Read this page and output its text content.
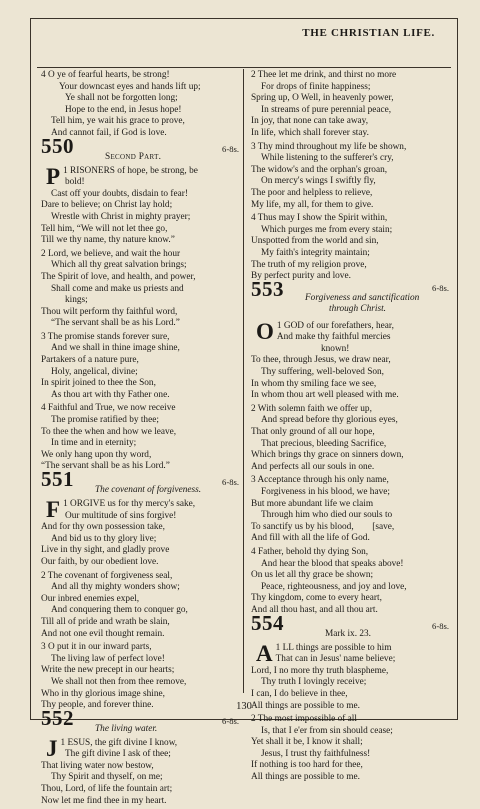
THE CHRISTIAN LIFE.
4 O ye of fearful hearts, be strong!
Your downcast eyes and hands lift up;
Ye shall not be forgotten long;
Hope to the end, in Jesus hope!
Tell him, ye wait his grace to prove,
And cannot fail, if God is love.
550	Second Part.
6-8s.
P 1 RISONERS of hope, be strong, be
bold!
Cast off your doubts, disdain to fear!
Dare to believe; on Christ lay hold;
Wrestle with Christ in mighty prayer;
Tell him, “We will not let thee go,
Till we thy name, thy nature know.”
2 Lord, we believe, and wait the hour
Which all thy great salvation brings;
The Spirit of love, and health, and power,
Shall come and make us priests and
kings;
Thou wilt perform thy faithful word,
“The servant shall be as his Lord.”
3 The promise stands forever sure,
And we shall in thine image shine,
Partakers of a nature pure,
Holy, angelical, divine;
In spirit joined to thee the Son,
As thou art with thy Father one.
4 Faithful and True, we now receive
The promise ratified by thee;
To thee the when and how we leave,
In time and in eternity;
We only hang upon thy word,
“The servant shall be as his Lord.”
551 The covenant of forgiveness.
6-8s.
F 1 ORGIVE us for thy mercy's sake,
Our multitude of sins forgive!
And for thy own possession take,
And bid us to thy glory live;
Live in thy sight, and gladly prove
Our faith, by our obedient love.
2 The covenant of forgiveness seal,
And all thy mighty wonders show;
Our inbred enemies expel,
And conquering them to conquer go,
Till all of pride and wrath be slain,
And not one evil thought remain.
3 O put it in our inward parts,
The living law of perfect love!
Write the new precept in our hearts;
We shall not then from thee remove,
Who in thy glorious image shine,
Thy people, and forever thine.
552 The living water.
6-8s.
J 1 ESUS, the gift divine I know,
The gift divine I ask of thee;
That living water now bestow,
Thy Spirit and thyself, on me;
Thou, Lord, of life the fountain art;
Now let me find thee in my heart.
2 Thee let me drink, and thirst no more
For drops of finite happiness;
Spring up, O Well, in heavenly power,
In streams of pure perennial peace,
In joy, that none can take away,
In life, which shall forever stay.
3 Thy mind throughout my life be shown,
While listening to the sufferer's cry,
The widow's and the orphan's groan,
On mercy's wings I swiftly fly,
The poor and helpless to relieve,
My life, my all, for them to give.
4 Thus may I show the Spirit within,
Which purges me from every stain;
Unspotted from the world and sin,
My faith's integrity maintain;
The truth of my religion prove,
By perfect purity and love.
553 Forgiveness and sanctification
through Christ.
6-8s.
O 1 GOD of our forefathers, hear,
And make thy faithful mercies
known!
To thee, through Jesus, we draw near,
Thy suffering, well-beloved Son,
In whom thy smiling face we see,
In whom thou art well pleased with me.
2 With solemn faith we offer up,
And spread before thy glorious eyes,
That only ground of all our hope,
That precious, bleeding Sacrifice,
Which brings thy grace on sinners down,
And perfects all our souls in one.
3 Acceptance through his only name,
Forgiveness in his blood, we have;
But more abundant life we claim
Through him who died our souls to
To sanctify us by his blood,        [save,
And fill with all the life of God.
4 Father, behold thy dying Son,
And hear the blood that speaks above!
On us let all thy grace be shown;
Peace, righteousness, and joy and love,
Thy kingdom, come to every heart,
And all thou hast, and all thou art.
554	Mark ix. 23.
6-8s.
A 1 LL things are possible to him
That can in Jesus' name believe;
Lord, I no more thy truth blaspheme,
Thy truth I lovingly receive;
I can, I do believe in thee,
All things are possible to me.
2 The most impossible of all
Is, that I e'er from sin should cease;
Yet shall it be, I know it shall;
Jesus, I trust thy faithfulness!
If nothing is too hard for thee,
All things are possible to me.
130
